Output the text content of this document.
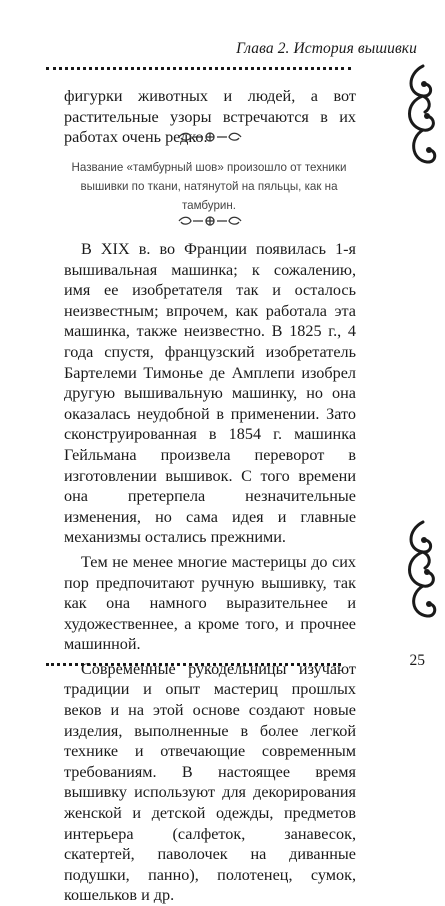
Глава 2. История вышивки

фигурки животных и людей, а вот растительные узоры встречаются в их работах очень редко.

Название «тамбурный шов» произошло от техники вышивки по ткани, натянутой на пяльцы, как на тамбурин.

В XIX в. во Франции появилась 1-я вышивальная машинка; к сожалению, имя ее изобретателя так и осталось неизвестным; впрочем, как работала эта машинка, также неизвестно. В 1825 г., 4 года спустя, французский изобретатель Бартелеми Тимонье де Амплепи изобрел другую вышивальную машинку, но она оказалась неудобной в применении. Зато сконструированная в 1854 г. машинка Гейльмана произвела переворот в изготовлении вышивок. С того времени она претерпела незначительные изменения, но сама идея и главные механизмы остались прежними.

Тем не менее многие мастерицы до сих пор предпочитают ручную вышивку, так как она намного выразительнее и художественнее, а кроме того, и прочнее машинной.

Современные рукодельницы изучают традиции и опыт мастериц прошлых веков и на этой основе создают новые изделия, выполненные в более легкой технике и отвечающие современным требованиям. В настоящее время вышивку используют для декорирования женской и детской одежды, предметов интерьера (салфеток, занавесок, скатертей, паволочек на диванные подушки, панно), полотенец, сумок, кошельков и др.

25
